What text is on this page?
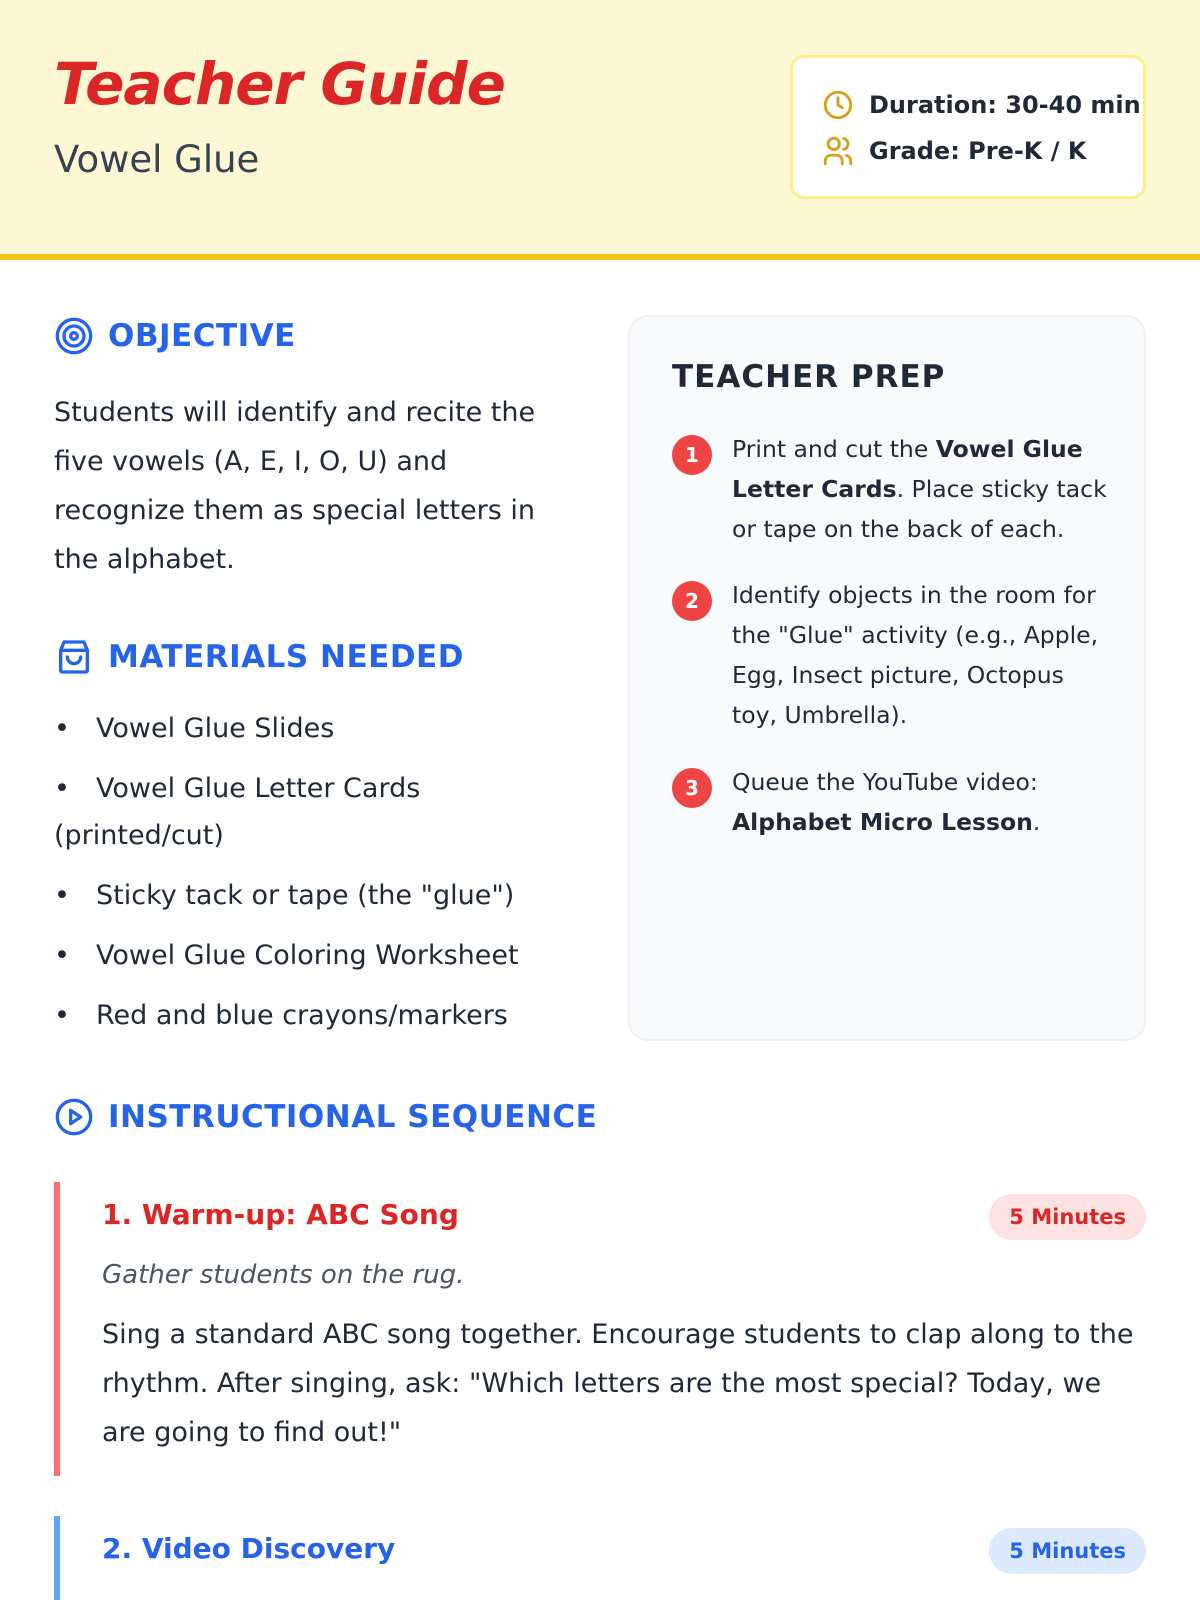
Teacher Guide
Vowel Glue
Duration: 30-40 min
Grade: Pre-K / K
OBJECTIVE
Students will identify and recite the five vowels (A, E, I, O, U) and recognize them as special letters in the alphabet.
MATERIALS NEEDED
• Vowel Glue Slides
• Vowel Glue Letter Cards (printed/cut)
• Sticky tack or tape (the "glue")
• Vowel Glue Coloring Worksheet
• Red and blue crayons/markers
TEACHER PREP
1	Print and cut the Vowel Glue Letter Cards. Place sticky tack or tape on the back of each.
2	Identify objects in the room for the "Glue" activity (e.g., Apple, Egg, Insect picture, Octopus toy, Umbrella).
3	Queue the YouTube video: Alphabet Micro Lesson.
INSTRUCTIONAL SEQUENCE
1. Warm-up: ABC Song	5 Minutes
Gather students on the rug.
Sing a standard ABC song together. Encourage students to clap along to the rhythm. After singing, ask: "Which letters are the most special? Today, we are going to find out!"
2. Video Discovery	5 Minutes
